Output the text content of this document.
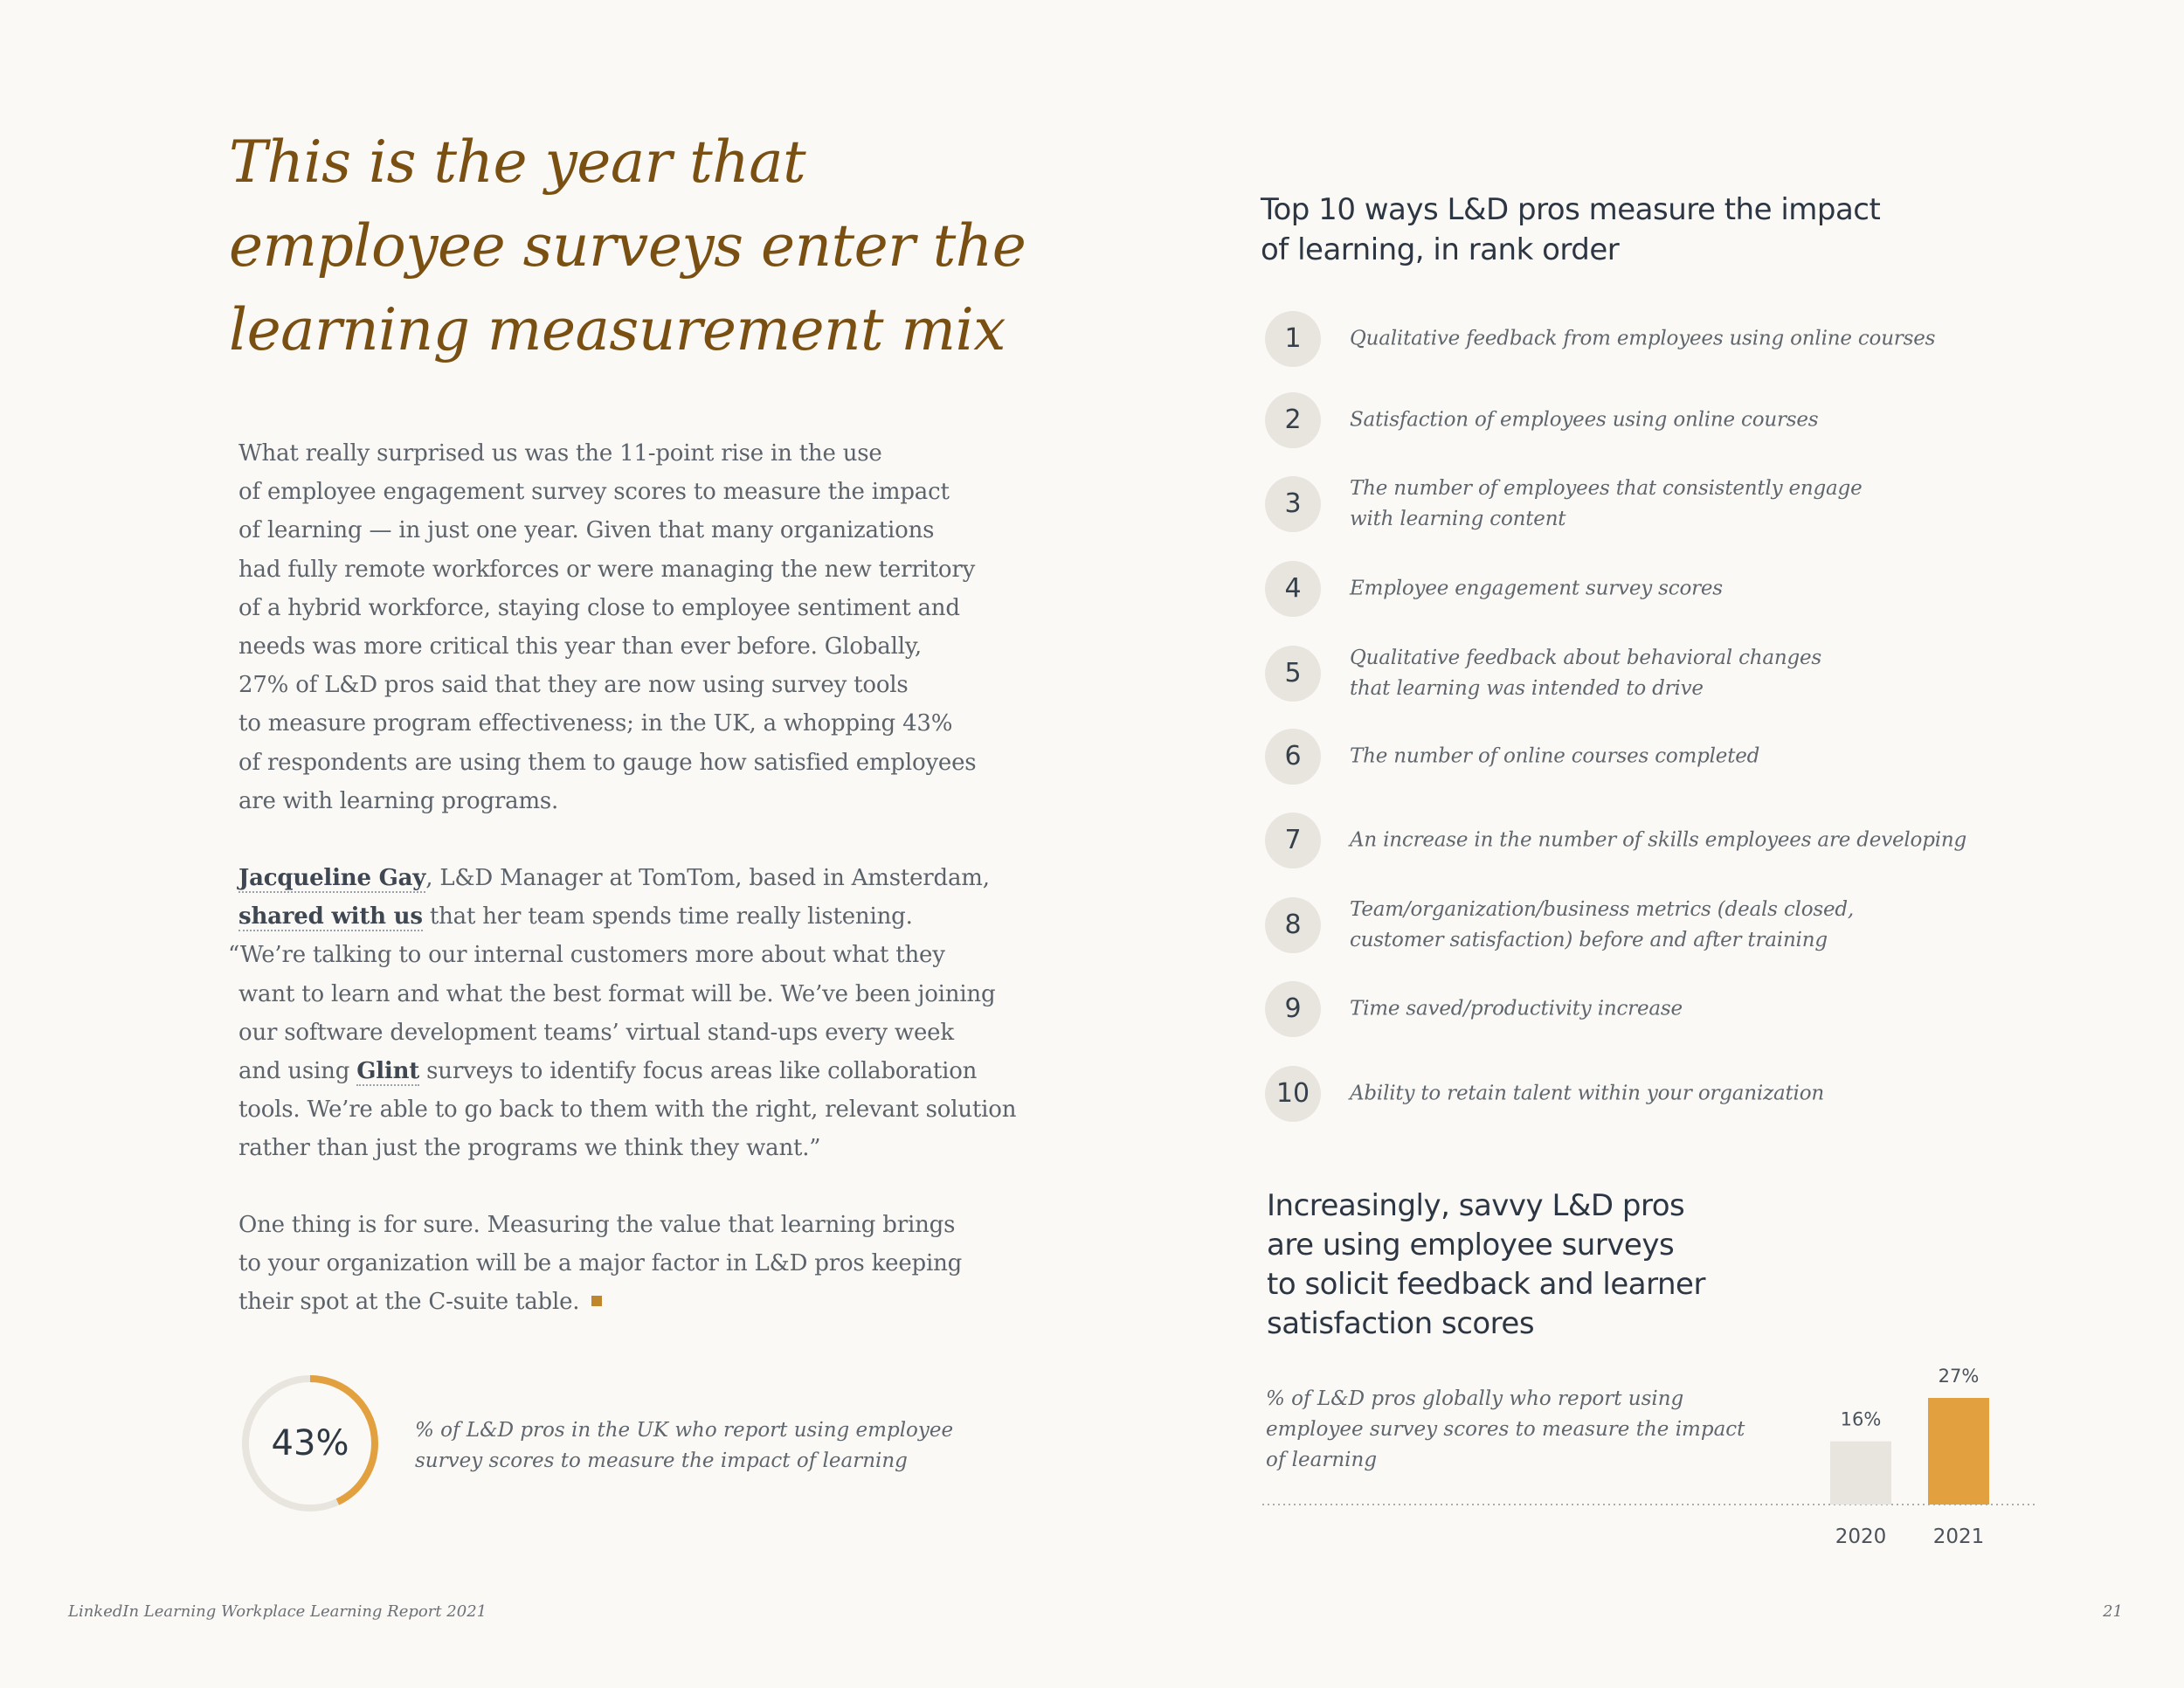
This is the year that
employee surveys enter the
learning measurement mix
What really surprised us was the 11-point rise in the use
of employee engagement survey scores to measure the impact
of learning — in just one year. Given that many organizations
had fully remote workforces or were managing the new territory
of a hybrid workforce, staying close to employee sentiment and
needs was more critical this year than ever before. Globally,
27% of L&D pros said that they are now using survey tools
to measure program effectiveness; in the UK, a whopping 43%
of respondents are using them to gauge how satisfied employees
are with learning programs.
Jacqueline Gay, L&D Manager at TomTom, based in Amsterdam,
shared with us that her team spends time really listening.
“We’re talking to our internal customers more about what they
want to learn and what the best format will be. We’ve been joining
our software development teams’ virtual stand-ups every week
and using Glint surveys to identify focus areas like collaboration
tools. We’re able to go back to them with the right, relevant solution
rather than just the programs we think they want.”
One thing is for sure. Measuring the value that learning brings
to your organization will be a major factor in L&D pros keeping
their spot at the C-suite table.
43%	% of L&D pros in the UK who report using employee survey scores to measure the impact of learning

Top 10 ways L&D pros measure the impact
of learning, in rank order
1	Qualitative feedback from employees using online courses
2	Satisfaction of employees using online courses
3	The number of employees that consistently engage
with learning content
4	Employee engagement survey scores
5	Qualitative feedback about behavioral changes
that learning was intended to drive
6	The number of online courses completed
7	An increase in the number of skills employees are developing
8	Team/organization/business metrics (deals closed,
customer satisfaction) before and after training
9	Time saved/productivity increase
10	Ability to retain talent within your organization
Increasingly, savvy L&D pros
are using employee surveys
to solicit feedback and learner
satisfaction scores

% of L&D pros globally who report using
employee survey scores to measure the impact
of learning

16%
2020
27%
2021
LinkedIn Learning Workplace Learning Report 2021	21
